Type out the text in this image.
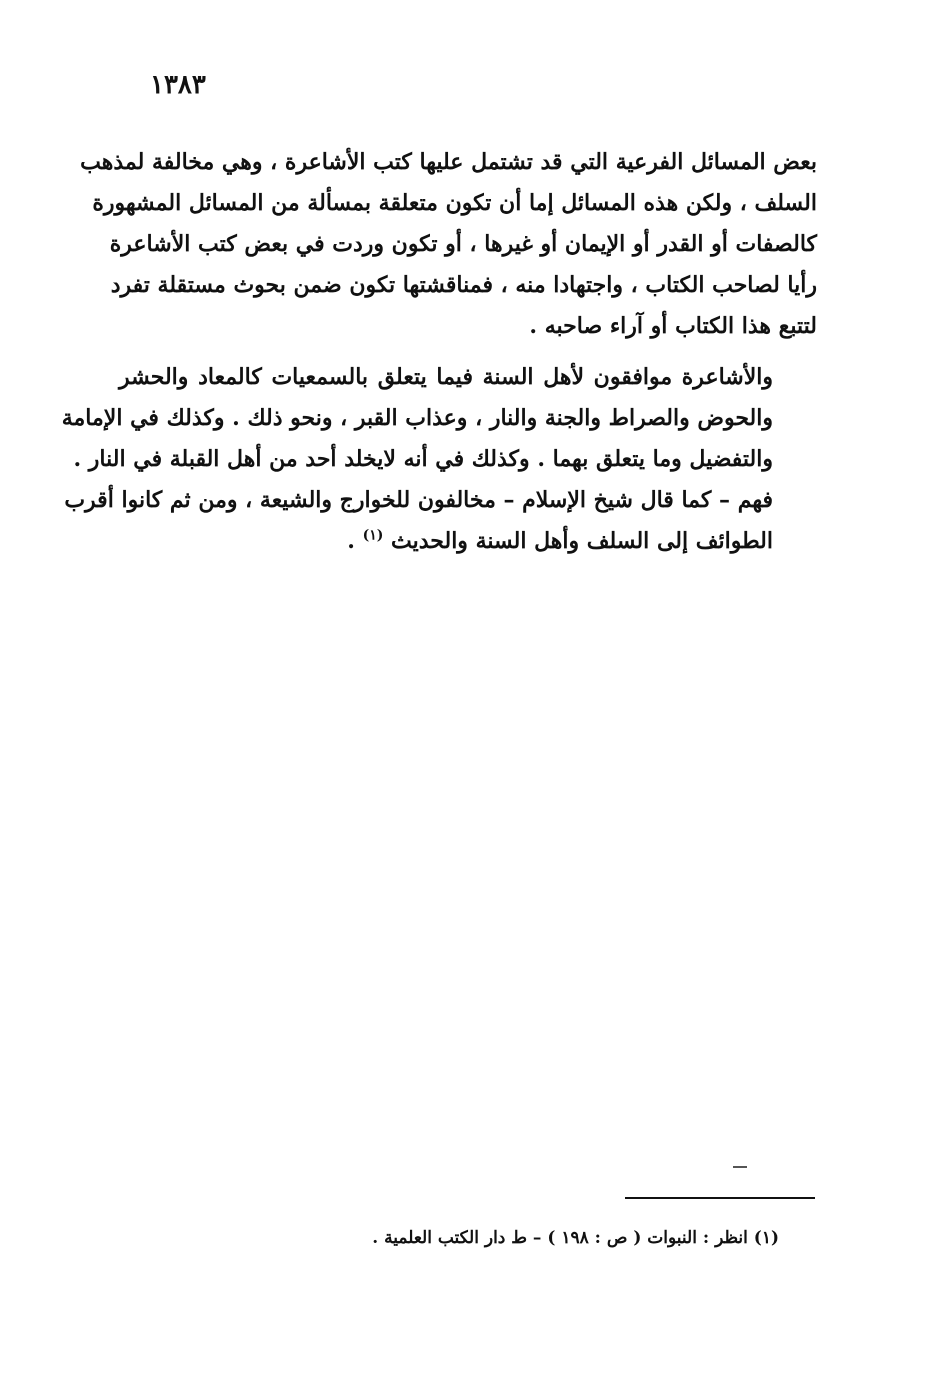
١٣٨٣

بعض المسائل الفرعية التي قد تشتمل عليها كتب الأشاعرة ، وهي مخالفة لمذهب
السلف ، ولكن هذه المسائل إما أن تكون متعلقة بمسألة من المسائل المشهورة
كالصفات أو القدر أو الإيمان أو غيرها ، أو تكون وردت في بعض كتب الأشاعرة
رأيا لصاحب الكتاب ، واجتهادا منه ، فمناقشتها تكون ضمن بحوث مستقلة تفرد
لتتبع هذا الكتاب أو آراء صاحبه .

والأشاعرة موافقون لأهل السنة فيما يتعلق بالسمعيات كالمعاد والحشر
والحوض والصراط والجنة والنار ، وعذاب القبر ، ونحو ذلك . وكذلك في الإمامة
والتفضيل وما يتعلق بهما . وكذلك في أنه لايخلد أحد من أهل القبلة في النار .
فهم – كما قال شيخ الإسلام – مخالفون للخوارج والشيعة ، ومن ثم كانوا أقرب
الطوائف إلى السلف وأهل السنة والحديث $^{(١)}$ .

(١) انظر : النبوات ( ص : ١٩٨ ) – ط دار الكتب العلمية .
